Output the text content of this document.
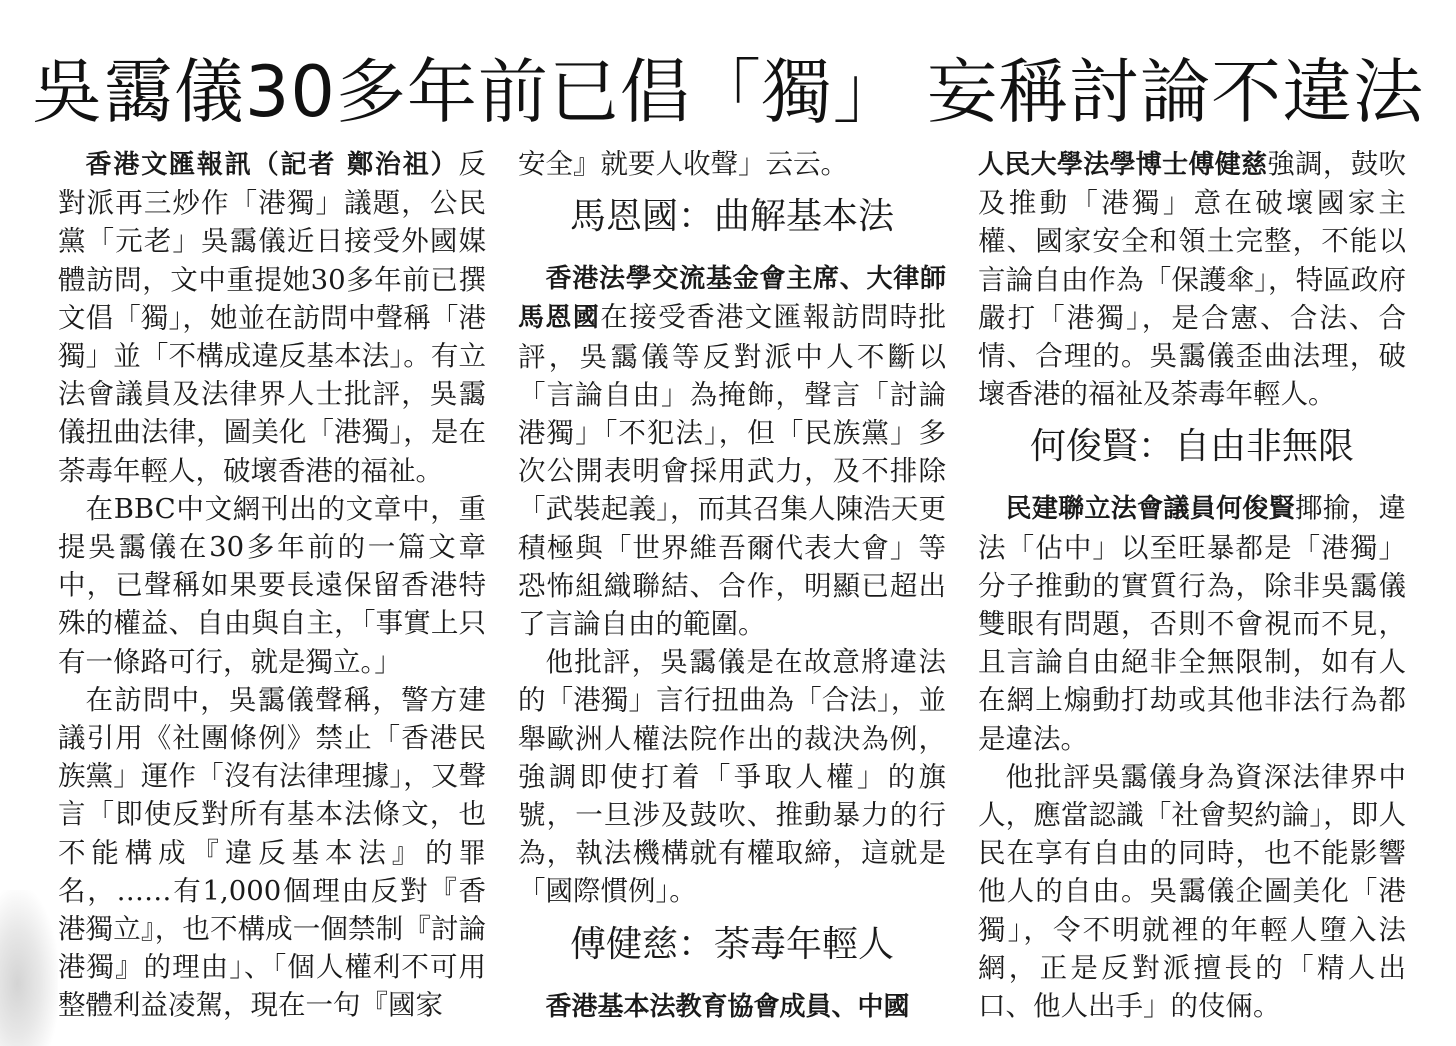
吳靄儀30多年前已倡「獨」 妄稱討論不違法

香港文匯報訊（記者 鄭治祖）反對派再三炒作「港獨」議題，公民黨「元老」吳靄儀近日接受外國媒體訪問，文中重提她30多年前已撰文倡「獨」，她並在訪問中聲稱「港獨」並「不構成違反基本法」。有立法會議員及法律界人士批評，吳靄儀扭曲法律，圖美化「港獨」，是在荼毒年輕人，破壞香港的福祉。

在BBC中文網刊出的文章中，重提吳靄儀在30多年前的一篇文章中，已聲稱如果要長遠保留香港特殊的權益、自由與自主，「事實上只有一條路可行，就是獨立。」

在訪問中，吳靄儀聲稱，警方建議引用《社團條例》禁止「香港民族黨」運作「沒有法律理據」，又聲言「即使反對所有基本法條文，也不能構成『違反基本法』的罪名，……有1,000個理由反對『香港獨立』，也不構成一個禁制『討論港獨』的理由」、「個人權利不可用整體利益凌駕，現在一句『國家

安全』就要人收聲」云云。

馬恩國：曲解基本法

香港法學交流基金會主席、大律師馬恩國在接受香港文匯報訪問時批評，吳靄儀等反對派中人不斷以「言論自由」為掩飾，聲言「討論港獨」「不犯法」，但「民族黨」多次公開表明會採用武力，及不排除「武裝起義」，而其召集人陳浩天更積極與「世界維吾爾代表大會」等恐怖組織聯結、合作，明顯已超出了言論自由的範圍。

他批評，吳靄儀是在故意將違法的「港獨」言行扭曲為「合法」，並舉歐洲人權法院作出的裁決為例，強調即使打着「爭取人權」的旗號，一旦涉及鼓吹、推動暴力的行為，執法機構就有權取締，這就是「國際慣例」。

傅健慈：荼毒年輕人

香港基本法教育協會成員、中國

人民大學法學博士傅健慈強調，鼓吹及推動「港獨」意在破壞國家主權、國家安全和領土完整，不能以言論自由作為「保護傘」，特區政府嚴打「港獨」，是合憲、合法、合情、合理的。吳靄儀歪曲法理，破壞香港的福祉及荼毒年輕人。

何俊賢：自由非無限

民建聯立法會議員何俊賢揶揄，違法「佔中」以至旺暴都是「港獨」分子推動的實質行為，除非吳靄儀雙眼有問題，否則不會視而不見，且言論自由絕非全無限制，如有人在網上煽動打劫或其他非法行為都是違法。

他批評吳靄儀身為資深法律界中人，應當認識「社會契約論」，即人民在享有自由的同時，也不能影響他人的自由。吳靄儀企圖美化「港獨」，令不明就裡的年輕人墮入法網，正是反對派擅長的「精人出口、他人出手」的伎倆。
